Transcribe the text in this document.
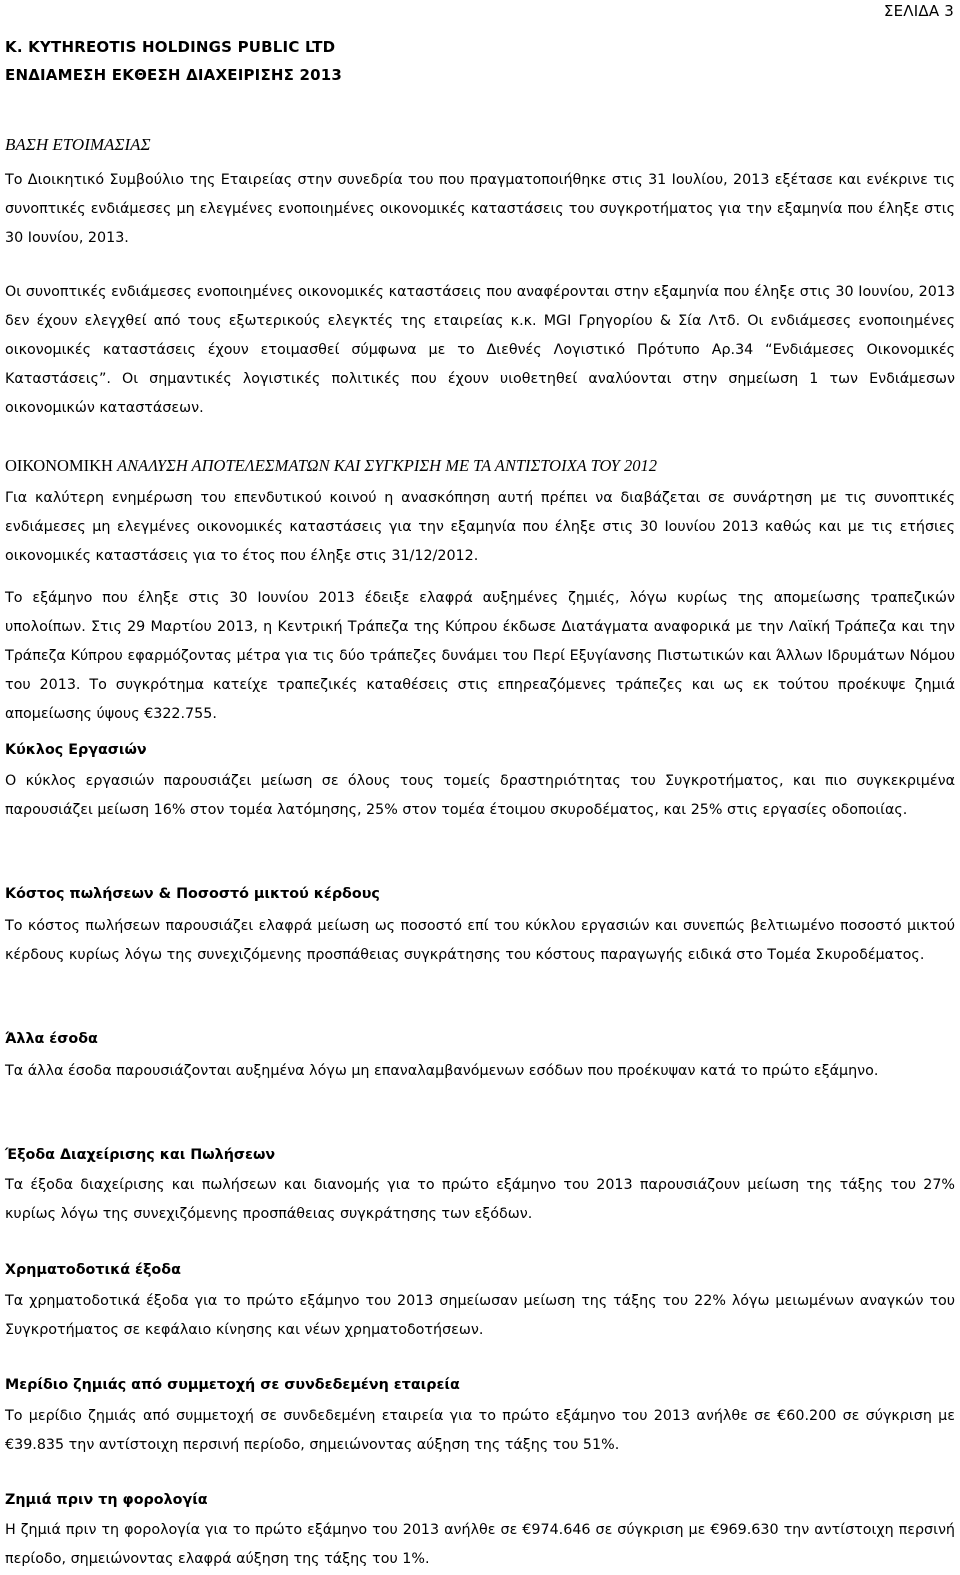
ΣΕΛΙΔΑ 3
K. KYTHREOTIS HOLDINGS PUBLIC LTD
ΕΝΔΙΑΜΕΣΗ ΕΚΘΕΣΗ ΔΙΑΧΕΙΡΙΣΗΣ 2013
ΒΑΣΗ ΕΤΟΙΜΑΣΙΑΣ

Το Διοικητικό Συμβούλιο της Εταιρείας στην συνεδρία του που πραγματοποιήθηκε στις 31 Ιουλίου, 2013 εξέτασε και ενέκρινε τις συνοπτικές ενδιάμεσες μη ελεγμένες ενοποιημένες οικονομικές καταστάσεις του συγκροτήματος για την εξαμηνία που έληξε στις 30 Ιουνίου, 2013.

Οι συνοπτικές ενδιάμεσες ενοποιημένες οικονομικές καταστάσεις που αναφέρονται στην εξαμηνία που έληξε στις 30 Ιουνίου, 2013 δεν έχουν ελεγχθεί από τους εξωτερικούς ελεγκτές της εταιρείας κ.κ. MGI Γρηγορίου & Σία Λτδ. Οι ενδιάμεσες ενοποιημένες οικονομικές καταστάσεις έχουν ετοιμασθεί σύμφωνα με το Διεθνές Λογιστικό Πρότυπο Αρ.34 “Ενδιάμεσες Οικονομικές Καταστάσεις”. Οι σημαντικές λογιστικές πολιτικές που έχουν υιοθετηθεί αναλύονται στην σημείωση 1 των Ενδιάμεσων οικονομικών καταστάσεων.

ΟΙΚΟΝΟΜΙΚΗ ΑΝΑΛΥΣΗ ΑΠΟΤΕΛΕΣΜΑΤΩΝ ΚΑΙ ΣΥΓΚΡΙΣΗ ΜΕ ΤΑ ΑΝΤΙΣΤΟΙΧΑ ΤΟΥ 2012

Για καλύτερη ενημέρωση του επενδυτικού κοινού η ανασκόπηση αυτή πρέπει να διαβάζεται σε συνάρτηση με τις συνοπτικές ενδιάμεσες μη ελεγμένες οικονομικές καταστάσεις για την εξαμηνία που έληξε στις 30 Ιουνίου 2013 καθώς και με τις ετήσιες οικονομικές καταστάσεις για το έτος που έληξε στις 31/12/2012.

Το εξάμηνο που έληξε στις 30 Ιουνίου 2013 έδειξε ελαφρά αυξημένες ζημιές, λόγω κυρίως της απομείωσης τραπεζικών υπολοίπων. Στις 29 Μαρτίου 2013, η Κεντρική Τράπεζα της Κύπρου έκδωσε Διατάγματα αναφορικά με την Λαϊκή Τράπεζα και την Τράπεζα Κύπρου εφαρμόζοντας μέτρα για τις δύο τράπεζες δυνάμει του Περί Εξυγίανσης Πιστωτικών και Άλλων Ιδρυμάτων Νόμου του 2013. Το συγκρότημα κατείχε τραπεζικές καταθέσεις στις επηρεαζόμενες τράπεζες και ως εκ τούτου προέκυψε ζημιά απομείωσης ύψους €322.755.

Κύκλος Εργασιών

Ο κύκλος εργασιών παρουσιάζει μείωση σε όλους τους τομείς δραστηριότητας του Συγκροτήματος, και πιο συγκεκριμένα παρουσιάζει μείωση 16% στον τομέα λατόμησης, 25% στον τομέα έτοιμου σκυροδέματος, και 25% στις εργασίες οδοποιίας.

Κόστος πωλήσεων & Ποσοστό μικτού κέρδους

Το κόστος πωλήσεων παρουσιάζει ελαφρά μείωση ως ποσοστό επί του κύκλου εργασιών και συνεπώς βελτιωμένο ποσοστό μικτού κέρδους κυρίως λόγω της συνεχιζόμενης προσπάθειας συγκράτησης του κόστους παραγωγής ειδικά στο Τομέα Σκυροδέματος.

Άλλα έσοδα

Τα άλλα έσοδα παρουσιάζονται αυξημένα λόγω μη επαναλαμβανόμενων εσόδων που προέκυψαν κατά το πρώτο εξάμηνο.

Έξοδα Διαχείρισης και Πωλήσεων

Τα έξοδα διαχείρισης και πωλήσεων και διανομής για το πρώτο εξάμηνο του 2013 παρουσιάζουν μείωση της τάξης του 27% κυρίως λόγω της συνεχιζόμενης προσπάθειας συγκράτησης των εξόδων.

Χρηματοδοτικά έξοδα

Τα χρηματοδοτικά έξοδα για το πρώτο εξάμηνο του 2013 σημείωσαν μείωση της τάξης του 22% λόγω μειωμένων αναγκών του Συγκροτήματος σε κεφάλαιο κίνησης και νέων χρηματοδοτήσεων.

Μερίδιο ζημιάς από συμμετοχή σε συνδεδεμένη εταιρεία

Το μερίδιο ζημιάς από συμμετοχή σε συνδεδεμένη εταιρεία για το πρώτο εξάμηνο του 2013 ανήλθε σε €60.200 σε σύγκριση με €39.835 την αντίστοιχη περσινή περίοδο, σημειώνοντας αύξηση της τάξης του 51%.

Ζημιά πριν τη φορολογία

Η ζημιά πριν τη φορολογία για το πρώτο εξάμηνο του 2013 ανήλθε σε €974.646 σε σύγκριση με €969.630 την αντίστοιχη περσινή περίοδο, σημειώνοντας ελαφρά αύξηση της τάξης του 1%.
